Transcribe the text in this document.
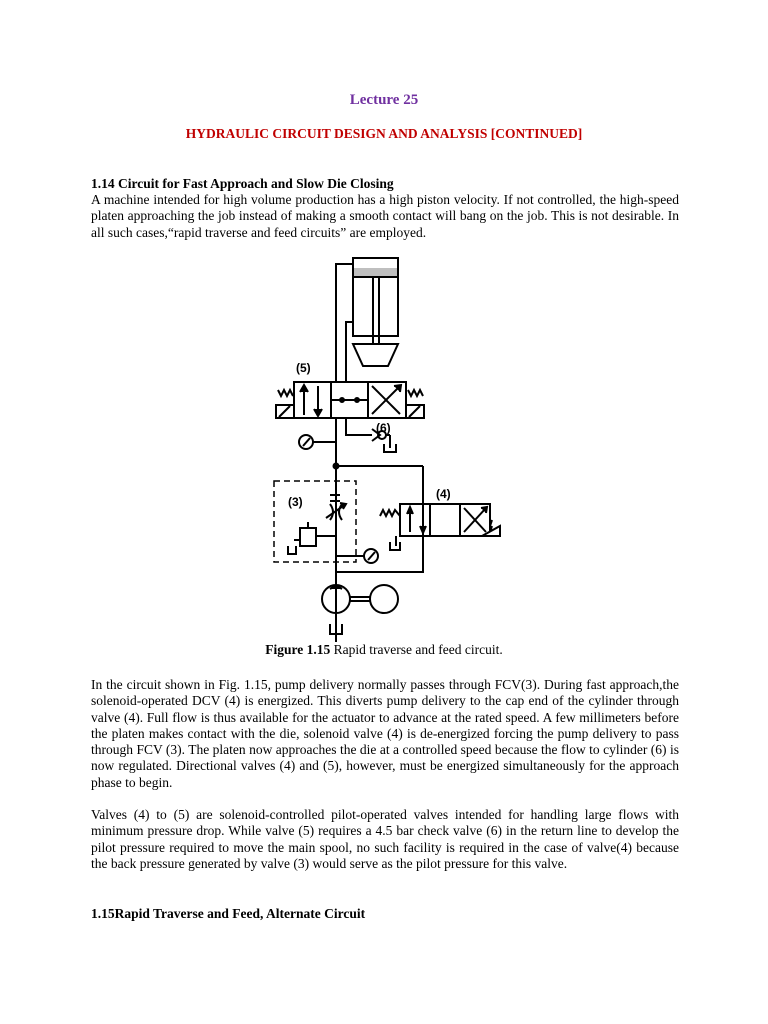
Lecture 25
HYDRAULIC CIRCUIT DESIGN AND ANALYSIS [CONTINUED]
1.14 Circuit for Fast Approach and Slow Die Closing

A machine intended for high volume production has a high piston velocity. If not controlled, the high-speed platen approaching the job instead of making a smooth contact will bang on the job. This is not desirable. In all such cases,“rapid traverse and feed circuits” are employed.

(5)
(6)
(3)
(4)
Figure 1.15 Rapid traverse and feed circuit.

In the circuit shown in Fig. 1.15, pump delivery normally passes through FCV(3). During fast approach,the solenoid-operated DCV (4) is energized. This diverts pump delivery to the cap end of the cylinder through valve (4). Full flow is thus available for the actuator to advance at the rated speed. A few millimeters before the platen makes contact with the die, solenoid valve (4) is de-energized forcing the pump delivery to pass through FCV (3). The platen now approaches the die at a controlled speed because the flow to cylinder (6) is now regulated. Directional valves (4) and (5), however, must be energized simultaneously for the approach phase to begin.

Valves (4) to (5) are solenoid-controlled pilot-operated valves intended for handling large flows with minimum pressure drop. While valve (5) requires a 4.5 bar check valve (6) in the return line to develop the pilot pressure required to move the main spool, no such facility is required in the case of valve(4) because the back pressure generated by valve (3) would serve as the pilot pressure for this valve.

1.15Rapid Traverse and Feed, Alternate Circuit
